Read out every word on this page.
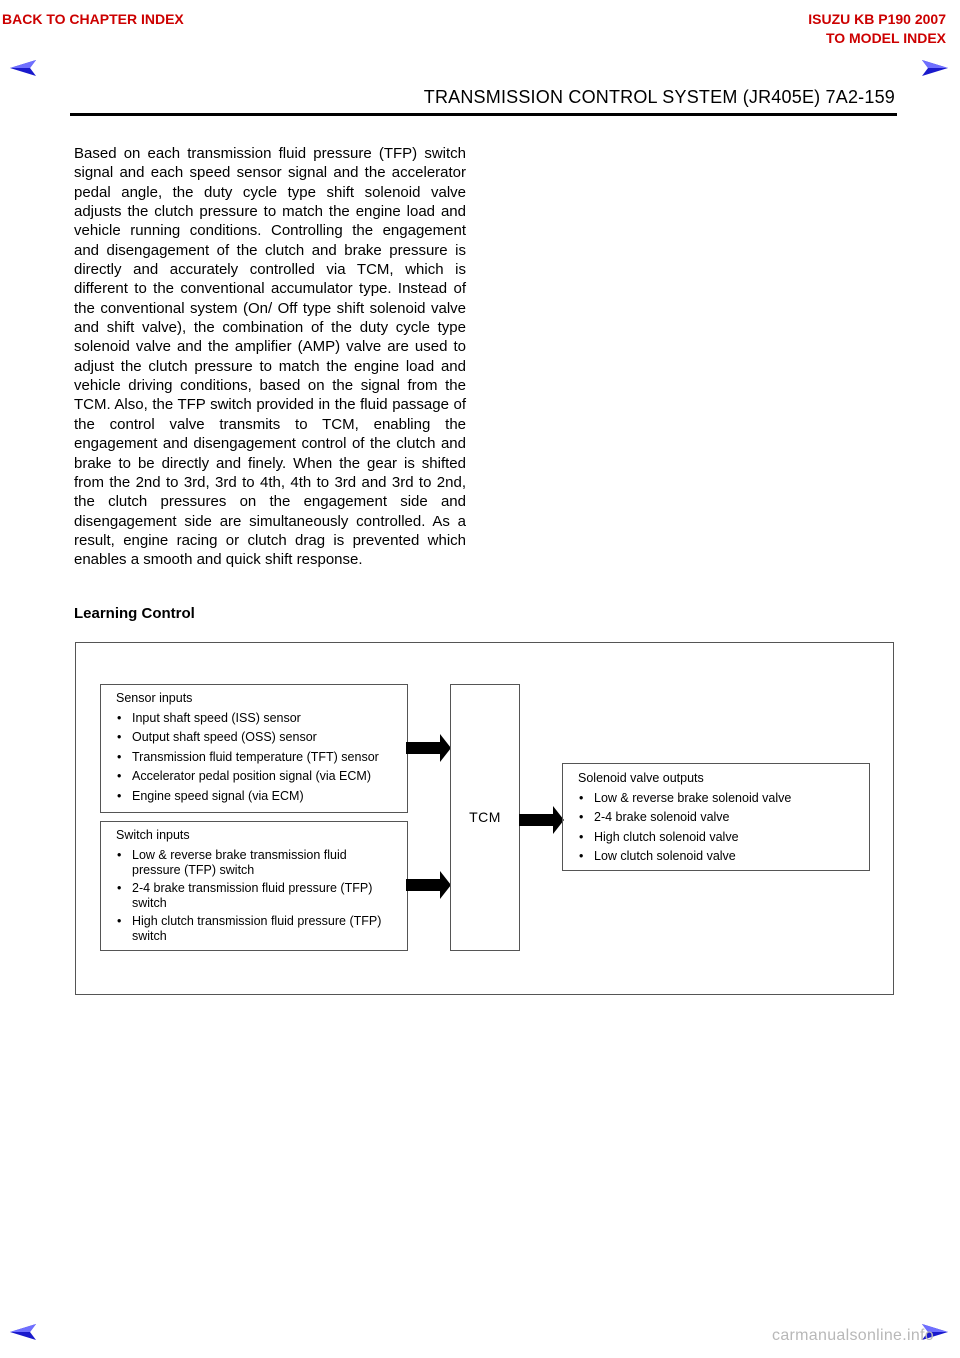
BACK TO CHAPTER INDEX	ISUZU KB P190 2007
TO MODEL INDEX
TRANSMISSION CONTROL SYSTEM (JR405E) 7A2-159

Based on each transmission fluid pressure (TFP) switch signal and each speed sensor signal and the accelerator pedal angle, the duty cycle type shift solenoid valve adjusts the clutch pressure to match the engine load and vehicle running conditions. Controlling the engagement and disengagement of the clutch and brake pressure is directly and accurately controlled via TCM, which is different to the conventional accumulator type. Instead of the conventional system (On/ Off type shift solenoid valve and shift valve), the combination of the duty cycle type solenoid valve and the amplifier (AMP) valve are used to adjust the clutch pressure to match the engine load and vehicle driving conditions, based on the signal from the TCM. Also, the TFP switch provided in the fluid passage of the control valve transmits to TCM, enabling the engagement and disengagement control of the clutch and brake to be directly and finely. When the gear is shifted from the 2nd to 3rd, 3rd to 4th, 4th to 3rd and 3rd to 2nd, the clutch pressures on the engagement side and disengagement side are simultaneously controlled. As a result, engine racing or clutch drag is prevented which enables a smooth and quick shift response.

Learning Control
Sensor inputs
• Input shaft speed (ISS) sensor
• Output shaft speed (OSS) sensor
• Transmission fluid temperature (TFT) sensor
• Accelerator pedal position signal (via ECM)
• Engine speed signal (via ECM)
Switch inputs
• Low & reverse brake transmission fluid pressure (TFP) switch
• 2-4 brake transmission fluid pressure (TFP) switch
• High clutch transmission fluid pressure (TFP) switch
TCM
Solenoid valve outputs
• Low & reverse brake solenoid valve
• 2-4 brake solenoid valve
• High clutch solenoid valve
• Low clutch solenoid valve
carmanualsonline.info
